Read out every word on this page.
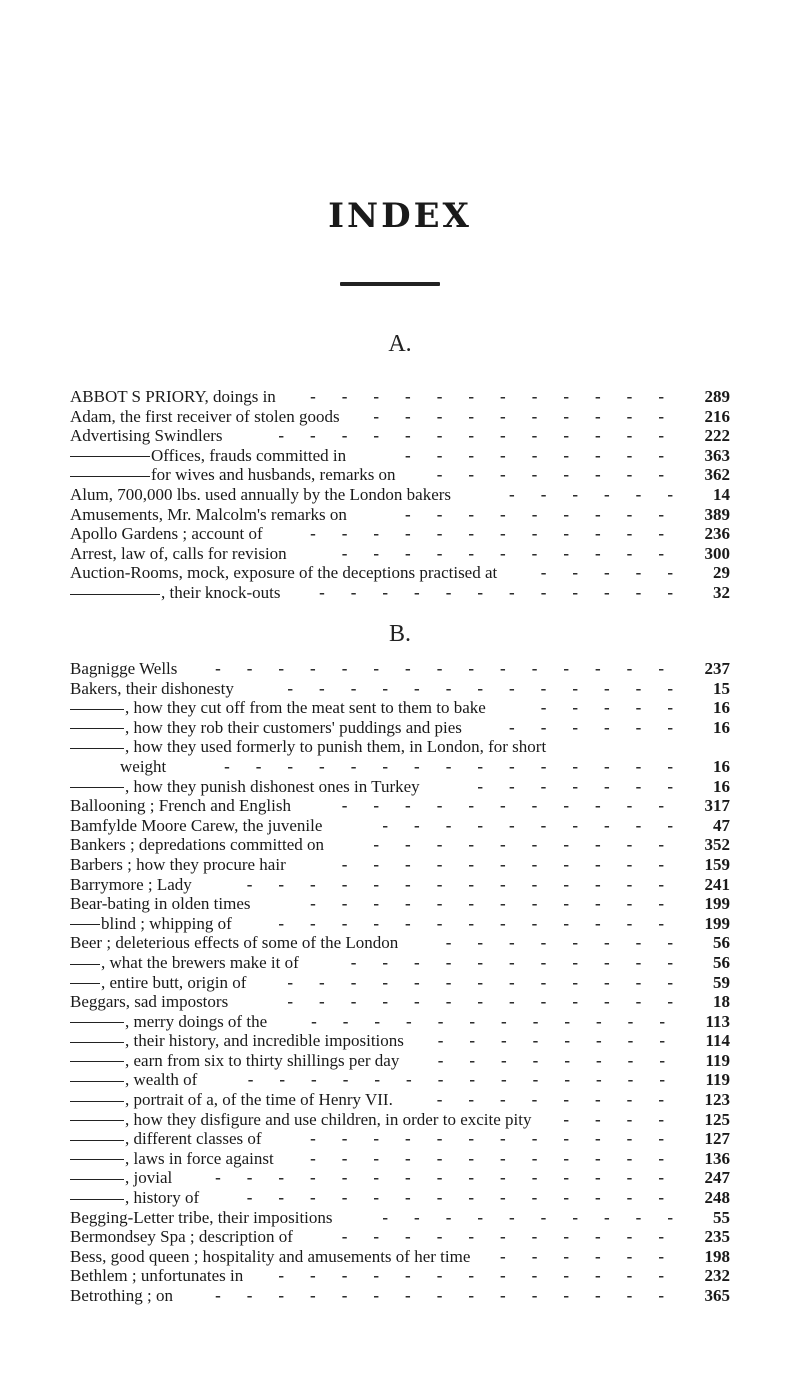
INDEX
A.
ABBOT S PRIORY, doings in	289
------------
Adam, the first receiver of stolen goods	216
----------
Advertising Swindlers	222
-------------
Offices, frauds committed in	363
---------
for wives and husbands, remarks on	362
--------
Alum, 700,000 lbs. used annually by the London bakers	14
------
Amusements, Mr. Malcolm's remarks on	389
---------
Apollo Gardens ; account of	236
------------
Arrest, law of, calls for revision	300
-----------
Auction-Rooms, mock, exposure of the deceptions practised at	29
-----
, their knock-outs	32
------------
B.
Bagnigge Wells	237
---------------
Bakers, their dishonesty	15
-------------
, how they cut off from the meat sent to them to bake	16
-----
, how they rob their customers' puddings and pies	16
------
, how they used formerly to punish them, in London, for short
weight	16
---------------
, how they punish dishonest ones in Turkey	16
-------
Ballooning ; French and English	317
-----------
Bamfylde Moore Carew, the juvenile	47
----------
Bankers ; depredations committed on	352
----------
Barbers ; how they procure hair	159
-----------
Barrymore ; Lady	241
--------------
Bear-bating in olden times	199
------------
blind ; whipping of	199
-------------
Beer ; deleterious effects of some of the London	56
--------
, what the brewers make it of	56
-----------
, entire butt, origin of	59
-------------
Beggars, sad impostors	18
-------------
, merry doings of the	113
------------
, their history, and incredible impositions	114
--------
, earn from six to thirty shillings per day	119
--------
, wealth of	119
--------------
, portrait of a, of the time of Henry VII.	123
--------
, how they disfigure and use children, in order to excite pity	125
----
, different classes of	127
------------
, laws in force against	136
------------
, jovial	247
---------------
, history of	248
--------------
Begging-Letter tribe, their impositions	55
----------
Bermondsey Spa ; description of	235
-----------
Bess, good queen ; hospitality and amusements of her time	198
------
Bethlem ; unfortunates in	232
-------------
Betrothing ; on	365
---------------
